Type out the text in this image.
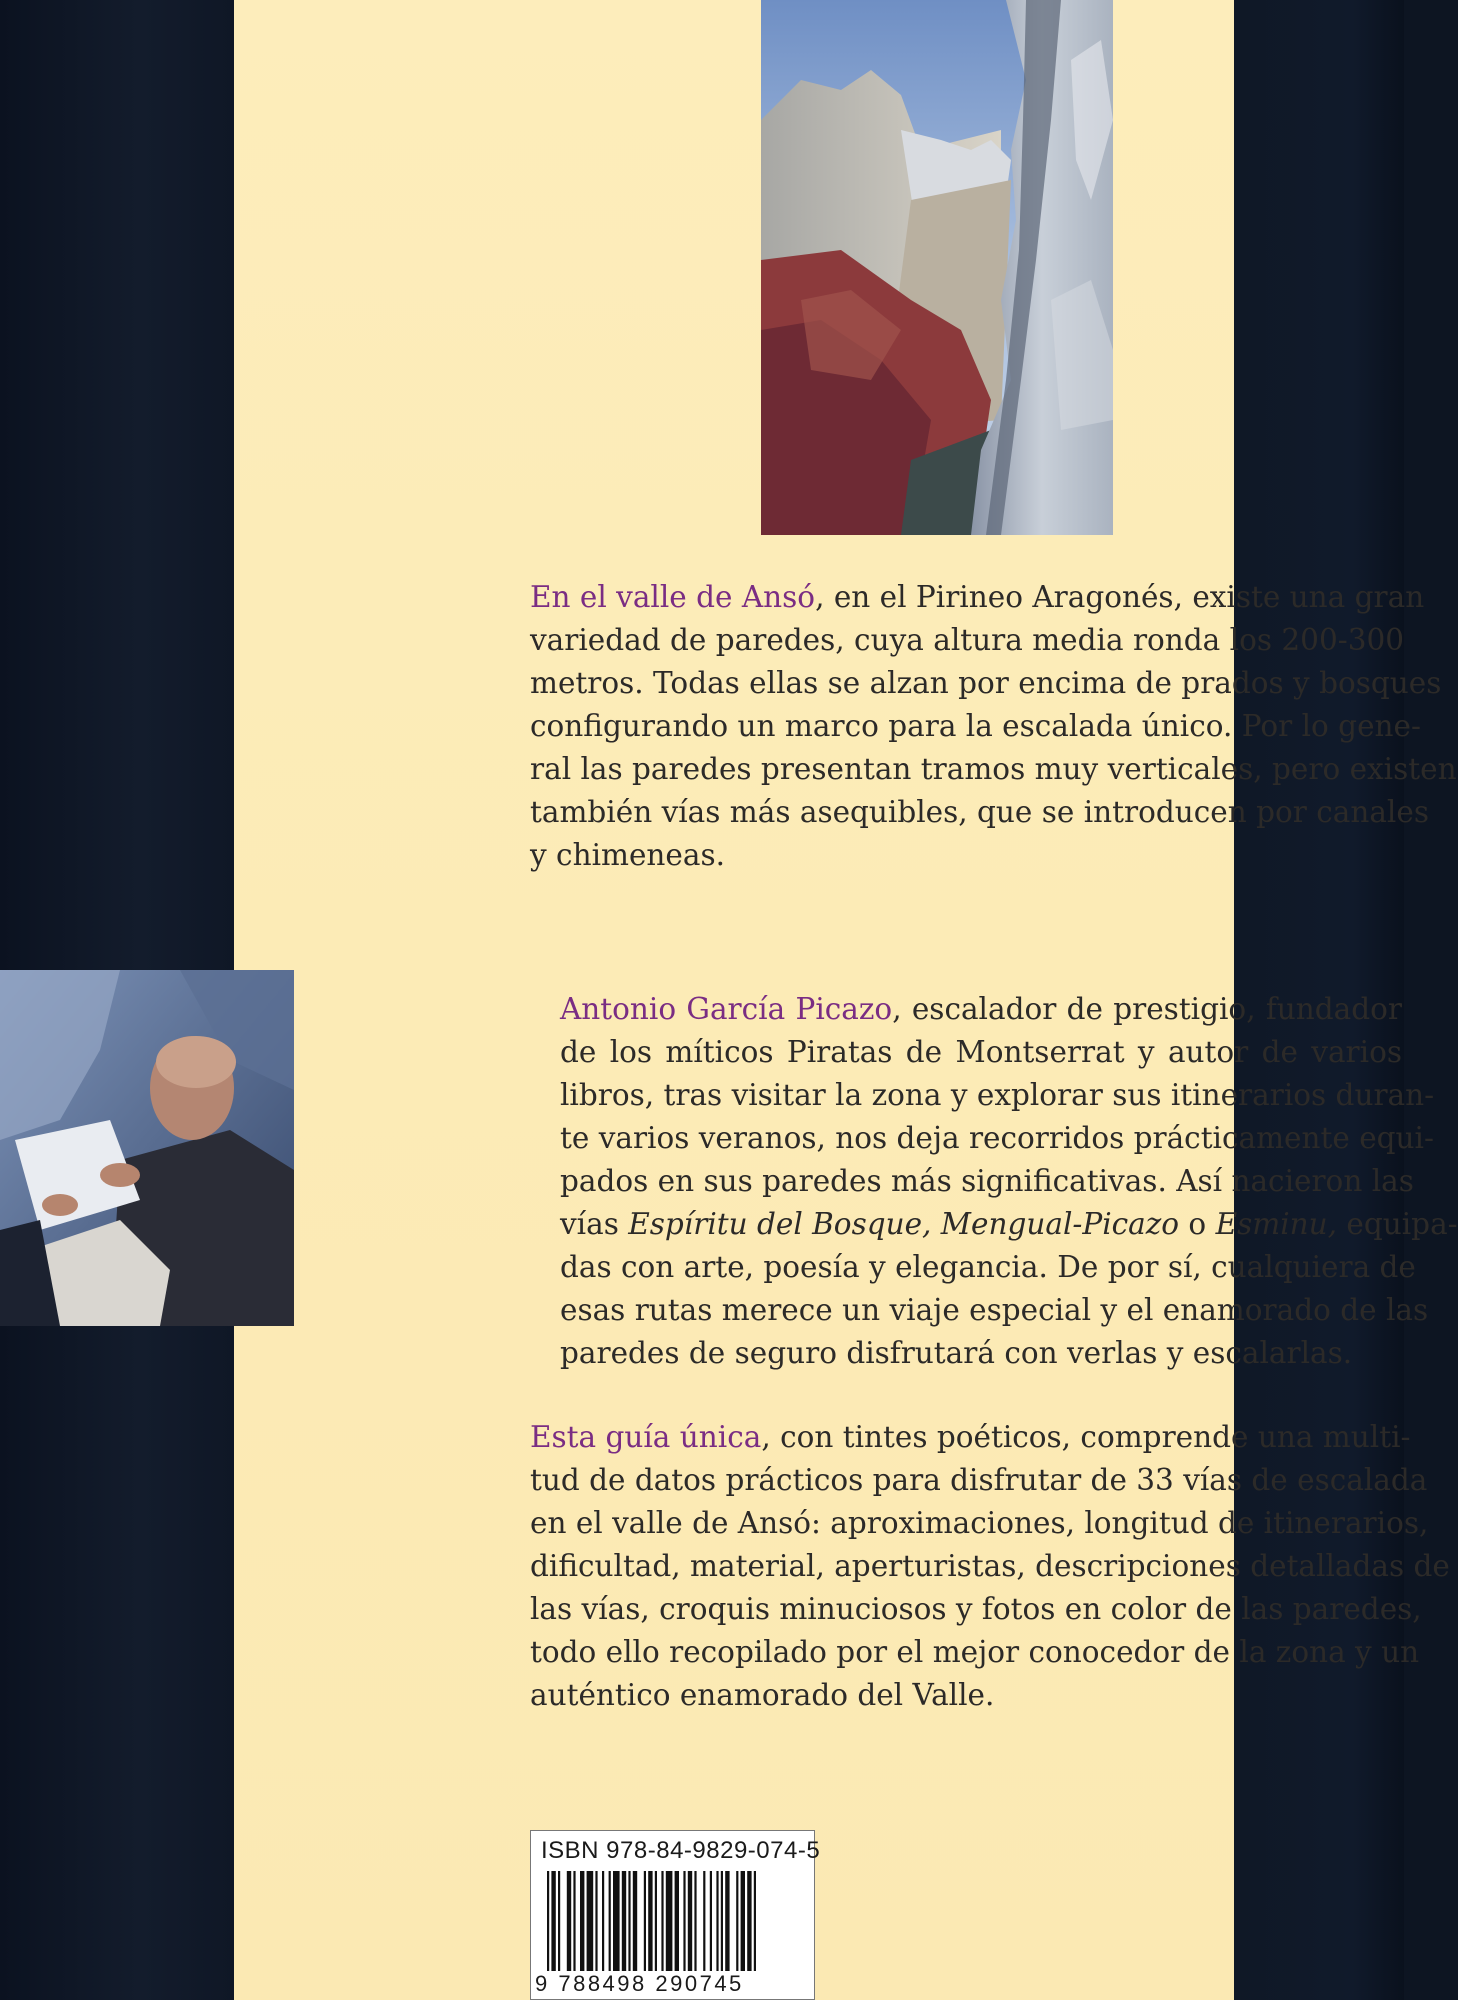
En el valle de Ansó, en el Pirineo Aragonés, existe una gran
variedad de paredes, cuya altura media ronda los 200-300
metros. Todas ellas se alzan por encima de prados y bosques
configurando un marco para la escalada único. Por lo gene-
ral las paredes presentan tramos muy verticales, pero existen
también vías más asequibles, que se introducen por canales
y chimeneas.

Antonio García Picazo, escalador de prestigio, fundador
de los míticos Piratas de Montserrat y autor de varios
libros, tras visitar la zona y explorar sus itinerarios duran-
te varios veranos, nos deja recorridos prácticamente equi-
pados en sus paredes más significativas. Así nacieron las
vías Espíritu del Bosque, Mengual-Picazo o Esminu, equipa-
das con arte, poesía y elegancia. De por sí, cualquiera de
esas rutas merece un viaje especial y el enamorado de las
paredes de seguro disfrutará con verlas y escalarlas.

Esta guía única, con tintes poéticos, comprende una multi-
tud de datos prácticos para disfrutar de 33 vías de escalada
en el valle de Ansó: aproximaciones, longitud de itinerarios,
dificultad, material, aperturistas, descripciones detalladas de
las vías, croquis minuciosos y fotos en color de las paredes,
todo ello recopilado por el mejor conocedor de la zona y un
auténtico enamorado del Valle.

ISBN 978-84-9829-074-5
9 788498 290745
